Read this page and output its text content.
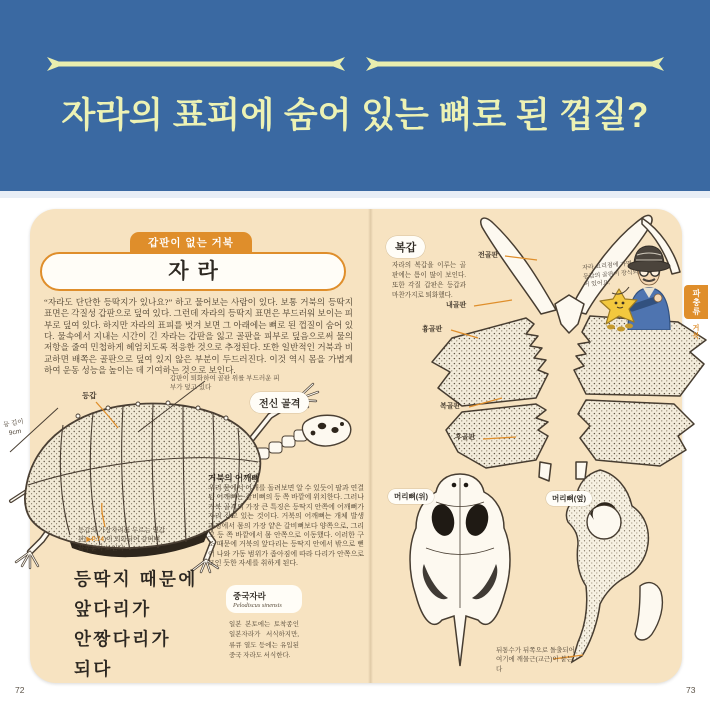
자라의 표피에 숨어 있는 뼈로 된 껍질?
갑판이 없는 거북
자라

“자라도 단단한 등딱지가 있나요?” 하고 물어보는 사람이 있다. 보통 거북의 등딱지 표면은 각질성 갑판으로 덮여 있다. 그런데 자라의 등딱지 표면은 부드러워 보이는 피부로 덮여 있다. 하지만 자라의 표피를 벗겨 보면 그 아래에는 뼈로 된 껍질이 숨어 있다. 물속에서 지내는 시간이 긴 자라는 갑판을 잃고 골판을 피부로 덮음으로써 물의 저항을 줄여 민첩하게 헤엄치도록 적응한 것으로 추정된다. 또한 일반적인 거북과 비교하면 배쪽은 골판으로 덮여 있지 않은 부분이 두드러진다. 이것 역시 몸을 가볍게 하여 운동 성능을 높이는 데 기여하는 것으로 보인다.

등갑
갑판이 퇴화하여 골판 위를 부드러운 피부가 덮고 있다
전신 골격
등 길이
9cm
등갑의 가장자리를 두르는 연갑판(▶P.74)이 퇴화되어 갈비뼈 끝부분이 보인다
등딱지 때문에
앞다리가
안짱다리가
되다
거북의 어깨뼈

우리 몸에서 어깨를 돌려보면 알 수 있듯이 팔과 연결된 어깨뼈는 갈비뼈의 등 쪽 바깥에 위치한다. 그러나 거북 골격의 가장 큰 특징은 등딱지 안쪽에 어깨뼈가 자리 잡고 있는 것이다. 거북의 어깨뼈는 개체 발생 과정에서 몸의 가장 얕은 갈비뼈보다 양쪽으로, 그리고 등 쪽 바깥에서 몸 안쪽으로 이동했다. 이러한 구조 때문에 거북의 앞다리는 등딱지 안에서 밖으로 뻗어 나와 가동 범위가 좁아짐에 따라 다리가 안쪽으로 모인 듯한 자세를 취하게 된다.

중국자라
Pelodiscus sinensis

일본 본토에는 토착종인 일본자라가 서식하지만, 류큐 열도 등에는 유입된 중국 자라도 서식한다.

72
복갑

자라의 복갑을 이루는 골판에는 틈이 많이 보인다. 또한 각질 갑판은 등갑과 마찬가지로 퇴화했다.

전골판
내골판
흉골판
복골판
후골판
자라 요리점에 가면, 등갑의 골판이 장식되어 있어요.
파충류
거북
머리뼈(위)	머리뼈(옆)
뒤통수가 뒤쪽으로 돌출되어 여기에 깨물근(교근)이 붙는다
73
